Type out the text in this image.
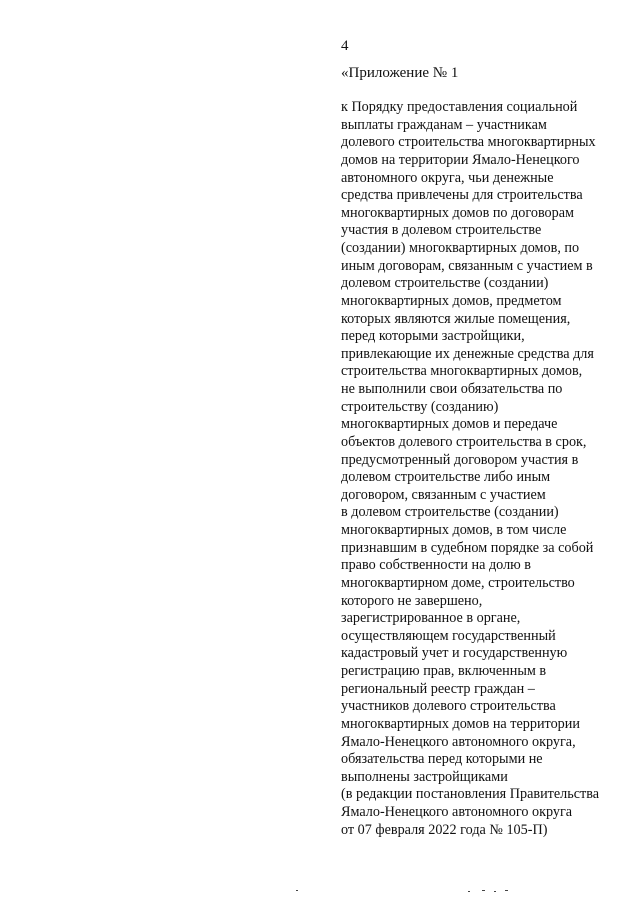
4
«Приложение № 1
к Порядку предоставления социальной
выплаты гражданам – участникам
долевого строительства многоквартирных
домов на территории Ямало-Ненецкого
автономного округа, чьи денежные
средства привлечены для строительства
многоквартирных домов по договорам
участия в долевом строительстве
(создании) многоквартирных домов, по
иным договорам, связанным с участием в
долевом строительстве (создании)
многоквартирных домов, предметом
которых являются жилые помещения,
перед которыми застройщики,
привлекающие их денежные средства для
строительства многоквартирных домов,
не выполнили свои обязательства по
строительству (созданию)
многоквартирных домов и передаче
объектов долевого строительства в срок,
предусмотренный договором участия в
долевом строительстве либо иным
договором, связанным с участием
в долевом строительстве (создании)
многоквартирных домов, в том числе
признавшим в судебном порядке за собой
право собственности на долю в
многоквартирном доме, строительство
которого не завершено,
зарегистрированное в органе,
осуществляющем государственный
кадастровый учет и государственную
регистрацию прав, включенным в
региональный реестр граждан –
участников долевого строительства
многоквартирных домов на территории
Ямало-Ненецкого автономного округа,
обязательства перед которыми не
выполнены застройщиками
(в редакции постановления Правительства
Ямало-Ненецкого автономного округа
от 07 февраля 2022 года № 105-П)
